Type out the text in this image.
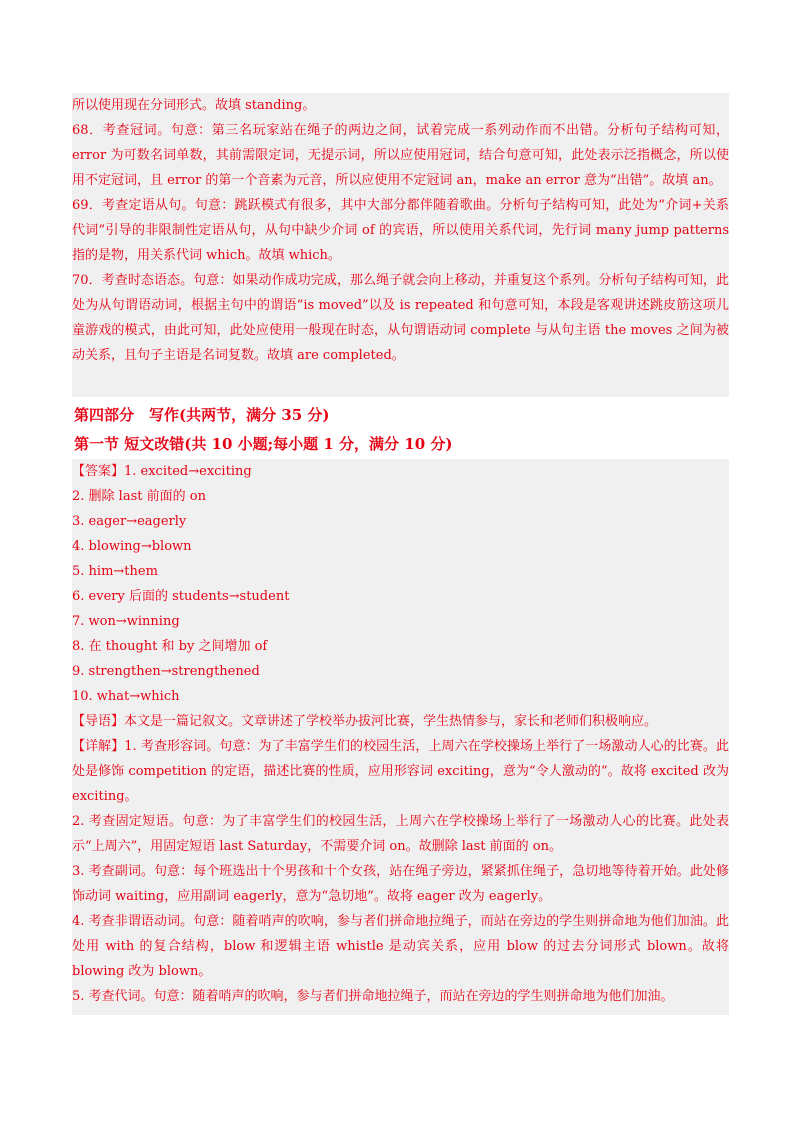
所以使用现在分词形式。故填 standing。
68．考查冠词。句意：第三名玩家站在绳子的两边之间，试着完成一系列动作而不出错。分析句子结构可知，error 为可数名词单数，其前需限定词，无提示词，所以应使用冠词，结合句意可知，此处表示泛指概念，所以使用不定冠词，且 error 的第一个音素为元音，所以应使用不定冠词 an，make an error 意为“出错”。故填 an。
69．考查定语从句。句意：跳跃模式有很多，其中大部分都伴随着歌曲。分析句子结构可知，此处为“介词+关系代词”引导的非限制性定语从句，从句中缺少介词 of 的宾语，所以使用关系代词，先行词 many jump patterns 指的是物，用关系代词 which。故填 which。
70．考查时态语态。句意：如果动作成功完成，那么绳子就会向上移动，并重复这个系列。分析句子结构可知，此处为从句谓语动词，根据主句中的谓语“is moved”以及 is repeated 和句意可知，本段是客观讲述跳皮筋这项儿童游戏的模式，由此可知，此处应使用一般现在时态，从句谓语动词 complete 与从句主语 the moves 之间为被动关系，且句子主语是名词复数。故填 are completed。
第四部分　写作(共两节，满分 35 分)
第一节 短文改错(共 10 小题;每小题 1 分，满分 10 分)
【答案】1. excited→exciting
2. 删除 last 前面的 on
3. eager→eagerly
4. blowing→blown
5. him→them
6. every 后面的 students→student
7. won→winning
8. 在 thought 和 by 之间增加 of
9. strengthen→strengthened
10. what→which
【导语】本文是一篇记叙文。文章讲述了学校举办拔河比赛，学生热情参与，家长和老师们积极响应。
【详解】1. 考查形容词。句意：为了丰富学生们的校园生活，上周六在学校操场上举行了一场激动人心的比赛。此处是修饰 competition 的定语，描述比赛的性质，应用形容词 exciting，意为“令人激动的”。故将 excited 改为 exciting。
2. 考查固定短语。句意：为了丰富学生们的校园生活，上周六在学校操场上举行了一场激动人心的比赛。此处表示“上周六”，用固定短语 last Saturday，不需要介词 on。故删除 last 前面的 on。
3. 考查副词。句意：每个班选出十个男孩和十个女孩，站在绳子旁边，紧紧抓住绳子，急切地等待着开始。此处修饰动词 waiting，应用副词 eagerly，意为“急切地”。故将 eager 改为 eagerly。
4. 考查非谓语动词。句意：随着哨声的吹响，参与者们拼命地拉绳子，而站在旁边的学生则拼命地为他们加油。此处用 with 的复合结构，blow 和逻辑主语 whistle 是动宾关系，应用 blow 的过去分词形式 blown。故将 blowing 改为 blown。
5. 考查代词。句意：随着哨声的吹响，参与者们拼命地拉绳子，而站在旁边的学生则拼命地为他们加油。
